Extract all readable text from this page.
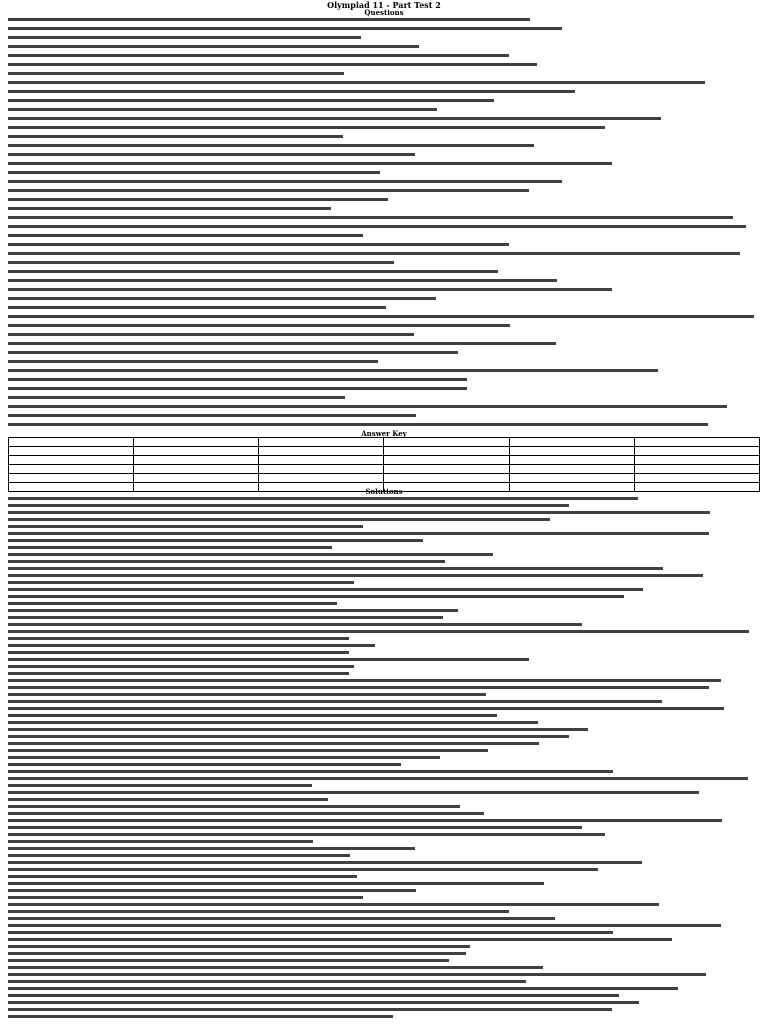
Olympiad 11 - Part Test 2
Questions
Answer Key

Solutions
